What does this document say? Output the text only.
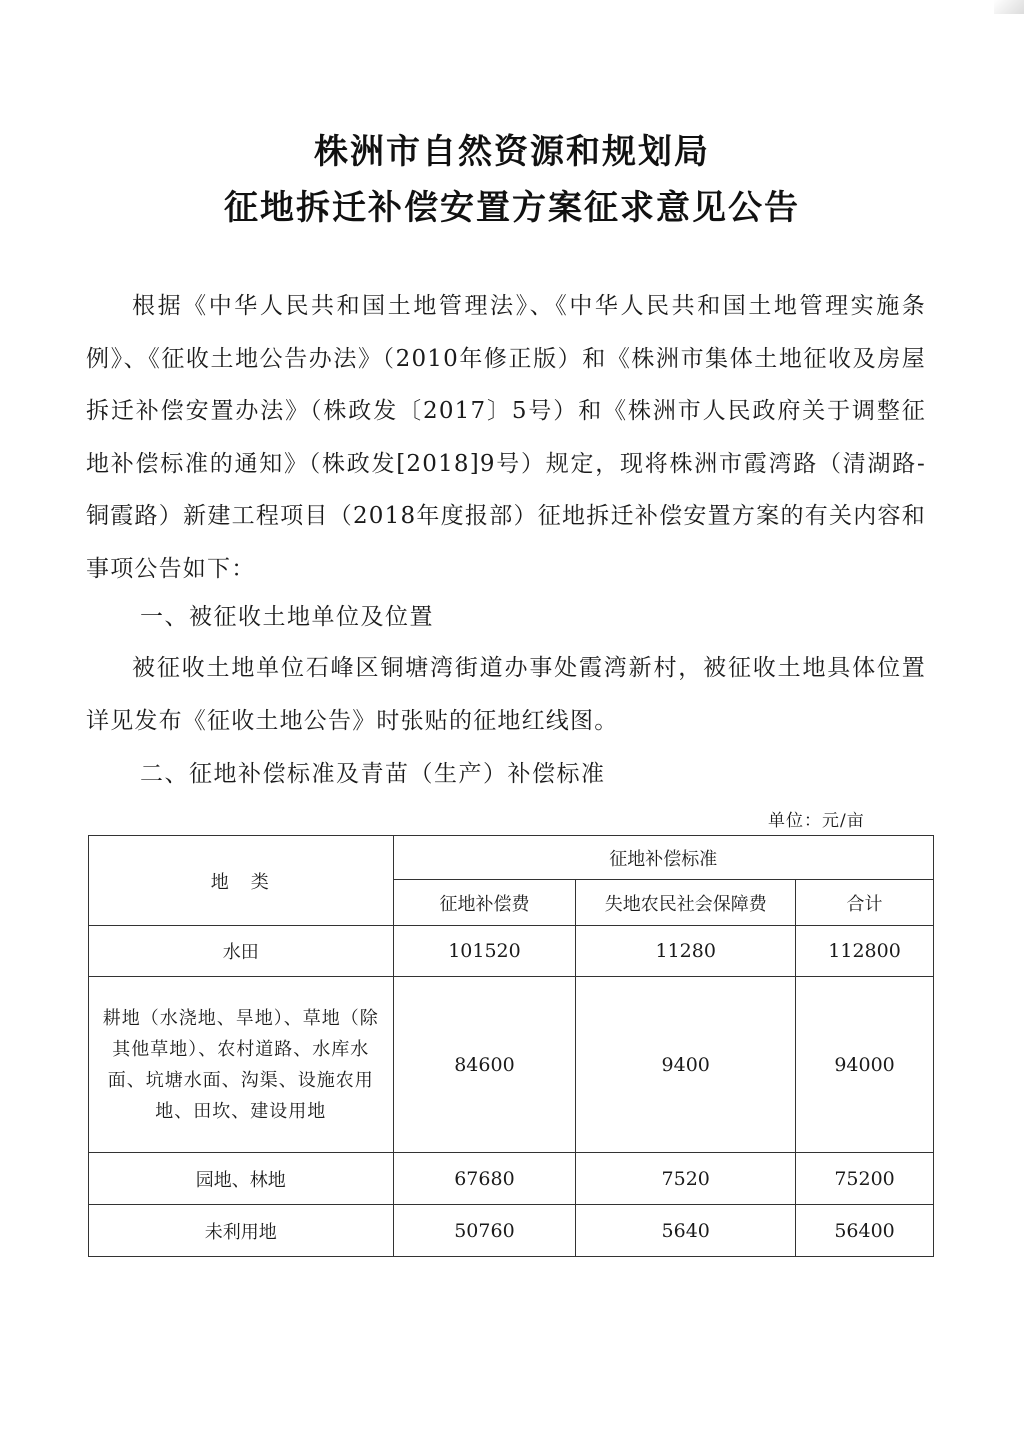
株洲市自然资源和规划局
征地拆迁补偿安置方案征求意见公告
根据《中华人民共和国土地管理法》、《中华人民共和国土地管理实施条例》、《征收土地公告办法》（2010年修正版）和《株洲市集体土地征收及房屋拆迁补偿安置办法》（株政发〔2017〕5号）和《株洲市人民政府关于调整征地补偿标准的通知》（株政发[2018]9号）规定，现将株洲市霞湾路（清湖路-铜霞路）新建工程项目（2018年度报部）征地拆迁补偿安置方案的有关内容和事项公告如下：
一、被征收土地单位及位置
被征收土地单位石峰区铜塘湾街道办事处霞湾新村，被征收土地具体位置详见发布《征收土地公告》时张贴的征地红线图。
二、征地补偿标准及青苗（生产）补偿标准
单位：元/亩
地　类	征地补偿标准		
	征地补偿费	失地农民社会保障费	合计
水田	101520	11280	112800
耕地（水浇地、旱地）、草地（除其他草地）、农村道路、水库水面、坑塘水面、沟渠、设施农用地、田坎、建设用地	84600	9400	94000
园地、林地	67680	7520	75200
未利用地	50760	5640	56400
